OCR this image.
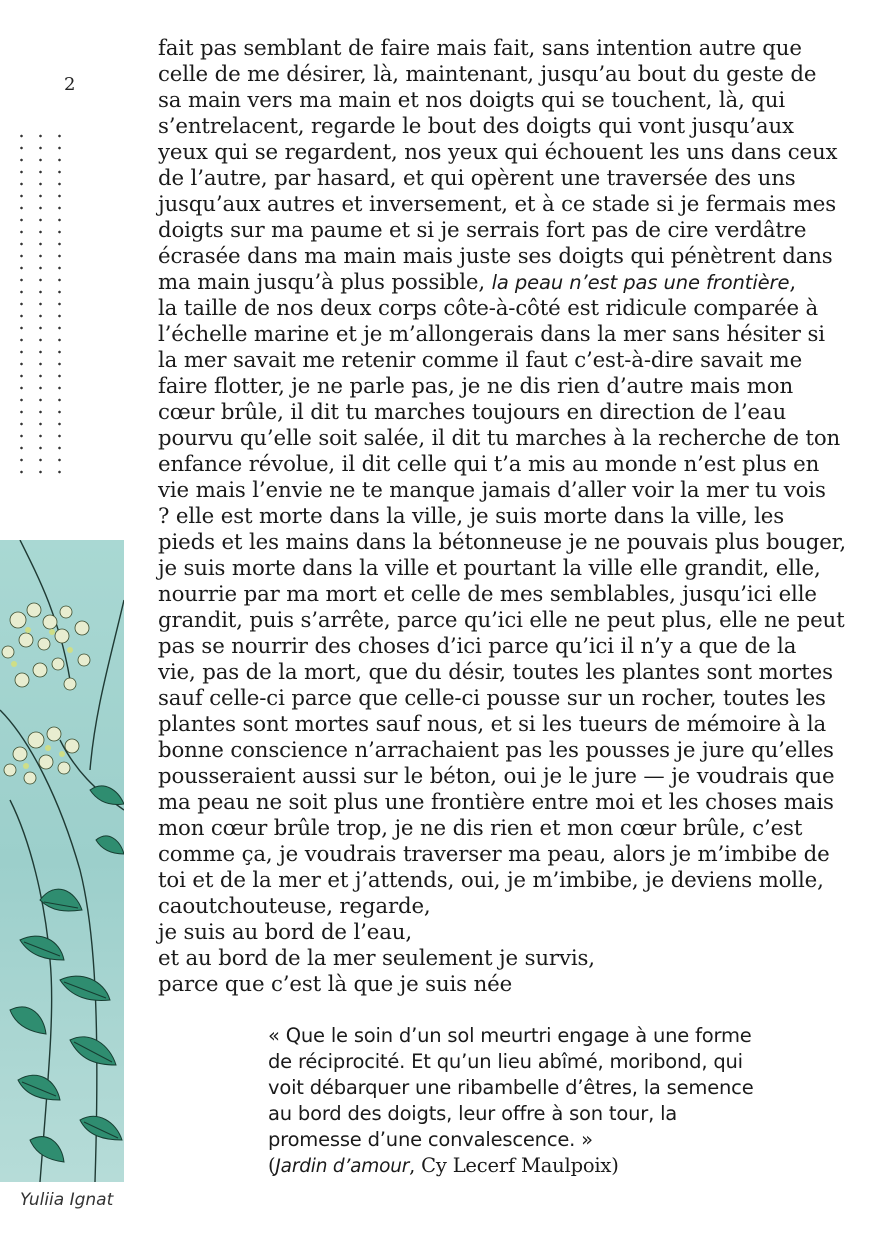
2
fait pas semblant de faire mais fait, sans intention autre que
celle de me désirer, là, maintenant, jusqu’au bout du geste de
sa main vers ma main et nos doigts qui se touchent, là, qui
s’entrelacent, regarde le bout des doigts qui vont jusqu’aux
yeux qui se regardent, nos yeux qui échouent les uns dans ceux
de l’autre, par hasard, et qui opèrent une traversée des uns
jusqu’aux autres et inversement, et à ce stade si je fermais mes
doigts sur ma paume et si je serrais fort pas de cire verdâtre
écrasée dans ma main mais juste ses doigts qui pénètrent dans
ma main jusqu’à plus possible, la peau n’est pas une frontière,
la taille de nos deux corps côte-à-côté est ridicule comparée à
l’échelle marine et je m’allongerais dans la mer sans hésiter si
la mer savait me retenir comme il faut c’est-à-dire savait me
faire flotter, je ne parle pas, je ne dis rien d’autre mais mon
cœur brûle, il dit tu marches toujours en direction de l’eau
pourvu qu’elle soit salée, il dit tu marches à la recherche de ton
enfance révolue, il dit celle qui t’a mis au monde n’est plus en
vie mais l’envie ne te manque jamais d’aller voir la mer tu vois
? elle est morte dans la ville, je suis morte dans la ville, les
pieds et les mains dans la bétonneuse je ne pouvais plus bouger,
je suis morte dans la ville et pourtant la ville elle grandit, elle,
nourrie par ma mort et celle de mes semblables, jusqu’ici elle
grandit, puis s’arrête, parce qu’ici elle ne peut plus, elle ne peut
pas se nourrir des choses d’ici parce qu’ici il n’y a que de la
vie, pas de la mort, que du désir, toutes les plantes sont mortes
sauf celle-ci parce que celle-ci pousse sur un rocher, toutes les
plantes sont mortes sauf nous, et si les tueurs de mémoire à la
bonne conscience n’arrachaient pas les pousses je jure qu’elles
pousseraient aussi sur le béton, oui je le jure — je voudrais que
ma peau ne soit plus une frontière entre moi et les choses mais
mon cœur brûle trop, je ne dis rien et mon cœur brûle, c’est
comme ça, je voudrais traverser ma peau, alors je m’imbibe de
toi et de la mer et j’attends, oui, je m’imbibe, je deviens molle,
caoutchouteuse, regarde,
je suis au bord de l’eau,
et au bord de la mer seulement je survis,
parce que c’est là que je suis née
« Que le soin d’un sol meurtri engage à une forme
de réciprocité. Et qu’un lieu abîmé, moribond, qui
voit débarquer une ribambelle d’êtres, la semence
au bord des doigts, leur offre à son tour, la
promesse d’une convalescence. »
(Jardin d’amour, Cy Lecerf Maulpoix)
Yuliia Ignat
